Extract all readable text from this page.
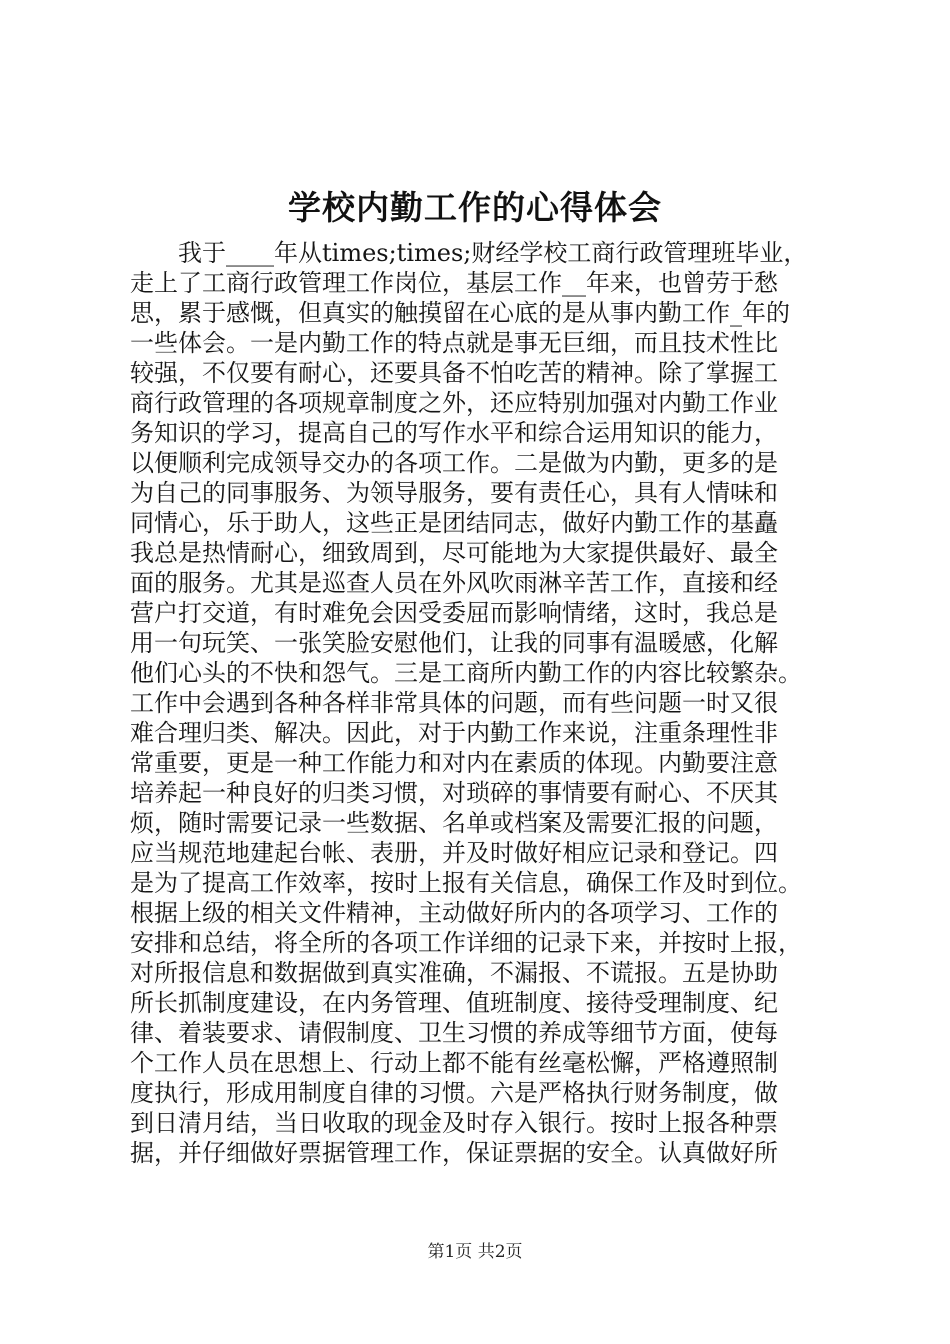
学校内勤工作的心得体会
我于____年从times;times;财经学校工商行政管理班毕业，
走上了工商行政管理工作岗位，基层工作__年来，也曾劳于愁
思，累于感慨，但真实的触摸留在心底的是从事内勤工作_年的
一些体会。一是内勤工作的特点就是事无巨细，而且技术性比
较强，不仅要有耐心，还要具备不怕吃苦的精神。除了掌握工
商行政管理的各项规章制度之外，还应特别加强对内勤工作业
务知识的学习，提高自己的写作水平和综合运用知识的能力，
以便顺利完成领导交办的各项工作。二是做为内勤，更多的是
为自己的同事服务、为领导服务，要有责任心，具有人情味和
同情心，乐于助人，这些正是团结同志，做好内勤工作的基矗
我总是热情耐心，细致周到，尽可能地为大家提供最好、最全
面的服务。尤其是巡查人员在外风吹雨淋辛苦工作，直接和经
营户打交道，有时难免会因受委屈而影响情绪，这时，我总是
用一句玩笑、一张笑脸安慰他们，让我的同事有温暖感，化解
他们心头的不快和怨气。三是工商所内勤工作的内容比较繁杂。
工作中会遇到各种各样非常具体的问题，而有些问题一时又很
难合理归类、解决。因此，对于内勤工作来说，注重条理性非
常重要，更是一种工作能力和对内在素质的体现。内勤要注意
培养起一种良好的归类习惯，对琐碎的事情要有耐心、不厌其
烦，随时需要记录一些数据、名单或档案及需要汇报的问题，
应当规范地建起台帐、表册，并及时做好相应记录和登记。四
是为了提高工作效率，按时上报有关信息，确保工作及时到位。
根据上级的相关文件精神，主动做好所内的各项学习、工作的
安排和总结，将全所的各项工作详细的记录下来，并按时上报，
对所报信息和数据做到真实准确，不漏报、不谎报。五是协助
所长抓制度建设，在内务管理、值班制度、接待受理制度、纪
律、着装要求、请假制度、卫生习惯的养成等细节方面，使每
个工作人员在思想上、行动上都不能有丝毫松懈，严格遵照制
度执行，形成用制度自律的习惯。六是严格执行财务制度，做
到日清月结，当日收取的现金及时存入银行。按时上报各种票
据，并仔细做好票据管理工作，保证票据的安全。认真做好所
第1页 共2页
